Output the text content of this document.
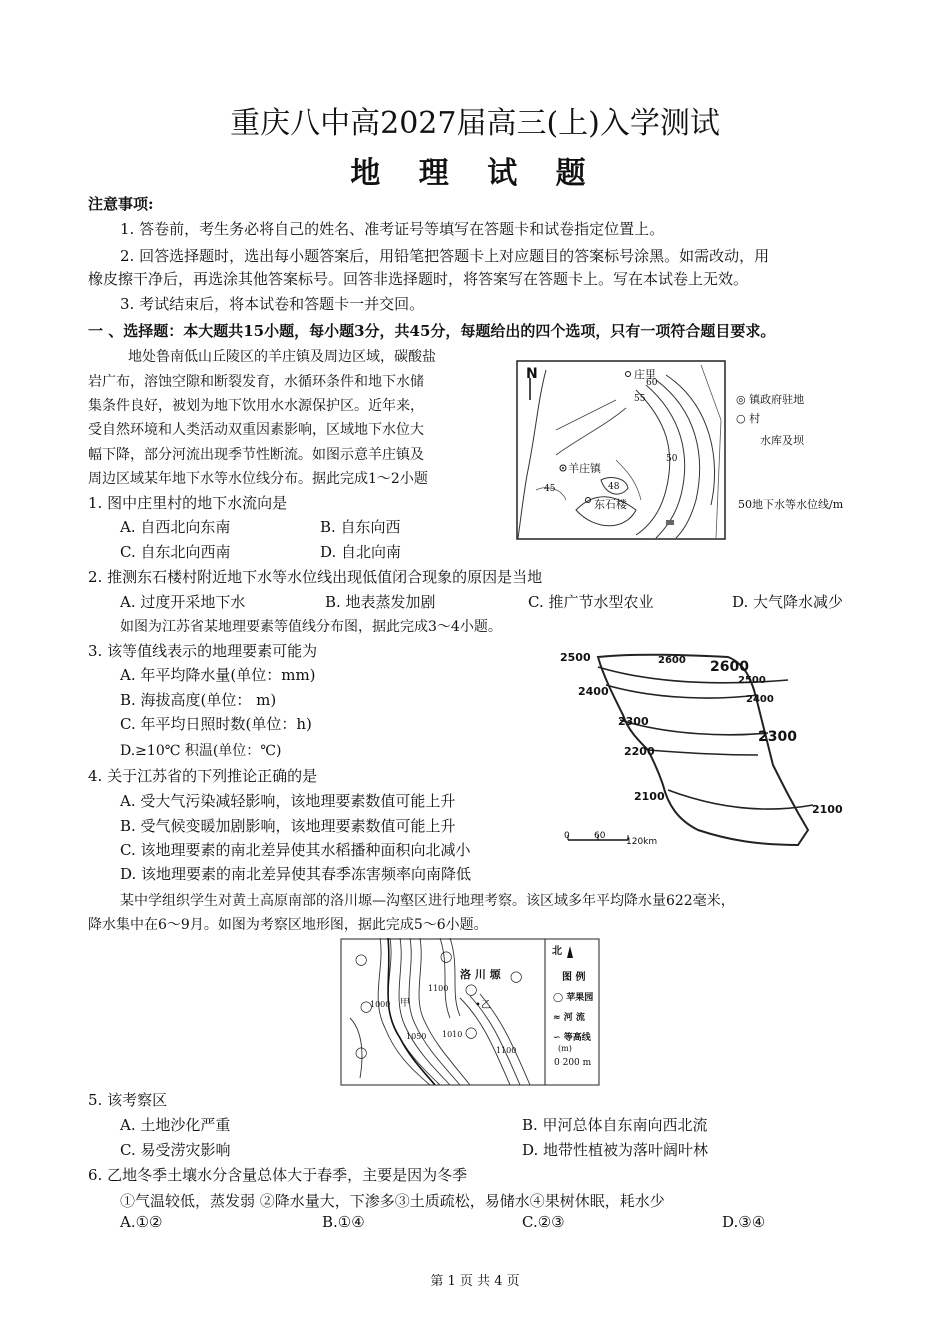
重庆八中高2027届高三(上)入学测试
地 理 试 题
注意事项:
1. 答卷前，考生务必将自己的姓名、准考证号等填写在答题卡和试卷指定位置上。
2. 回答选择题时，选出每小题答案后，用铅笔把答题卡上对应题目的答案标号涂黑。如需改动，用
橡皮擦干净后，再选涂其他答案标号。回答非选择题时，将答案写在答题卡上。写在本试卷上无效。
3. 考试结束后，将本试卷和答题卡一并交回。
一 、选择题：本大题共15小题，每小题3分，共45分，每题给出的四个选项，只有一项符合题目要求。
地处鲁南低山丘陵区的羊庄镇及周边区域，碳酸盐
岩广布，溶蚀空隙和断裂发育，水循环条件和地下水储
集条件良好，被划为地下饮用水水源保护区。近年来，
受自然环境和人类活动双重因素影响，区域地下水位大
幅下降，部分河流出现季节性断流。如图示意羊庄镇及
周边区域某年地下水等水位线分布。据此完成1～2小题
N	庄里
羊庄镇
东石楼
60
55
50
45	48
◎ 镇政府驻地
○ 村
水库及坝
50地下水等水位线/m
1. 图中庄里村的地下水流向是
A. 自西北向东南	B. 自东向西
C. 自东北向西南	D. 自北向南
2. 推测东石楼村附近地下水等水位线出现低值闭合现象的原因是当地
A. 过度开采地下水	B. 地表蒸发加剧	C. 推广节水型农业	D. 大气降水减少
如图为江苏省某地理要素等值线分布图，据此完成3～4小题。
2500	2600 2600
2500
2400
2400
2300
2300
2200
2100
2100
0	60
120km
3. 该等值线表示的地理要素可能为
A. 年平均降水量(单位：mm)
B. 海拔高度(单位： m)
C. 年平均日照时数(单位：h)
D.≥10℃ 积温(单位：℃)
4. 关于江苏省的下列推论正确的是
A. 受大气污染减轻影响，该地理要素数值可能上升
B. 受气候变暖加剧影响，该地理要素数值可能上升
C. 该地理要素的南北差异使其水稻播种面积向北减小
D. 该地理要素的南北差异使其春季冻害频率向南降低
某中学组织学生对黄土高原南部的洛川塬—沟壑区进行地理考察。该区域多年平均降水量622毫米，
降水集中在6～9月。如图为考察区地形图，据此完成5～6小题。
◯
◯
◯
◯
◯
◯
◯	北
洛 川 塬
甲	•乙
1100
1000
1050 1010
1100
图 例
◯ 苹果园
≈ 河 流
∽ 等高线
(m)
0 200 m
5. 该考察区
A. 土地沙化严重	B. 甲河总体自东南向西北流
C. 易受涝灾影响	D. 地带性植被为落叶阔叶林
6. 乙地冬季土壤水分含量总体大于春季，主要是因为冬季
①气温较低，蒸发弱 ②降水量大，下渗多③土质疏松，易储水④果树休眠，耗水少
A.①②	B.①④	C.②③	D.③④
第 1 页 共 4 页
